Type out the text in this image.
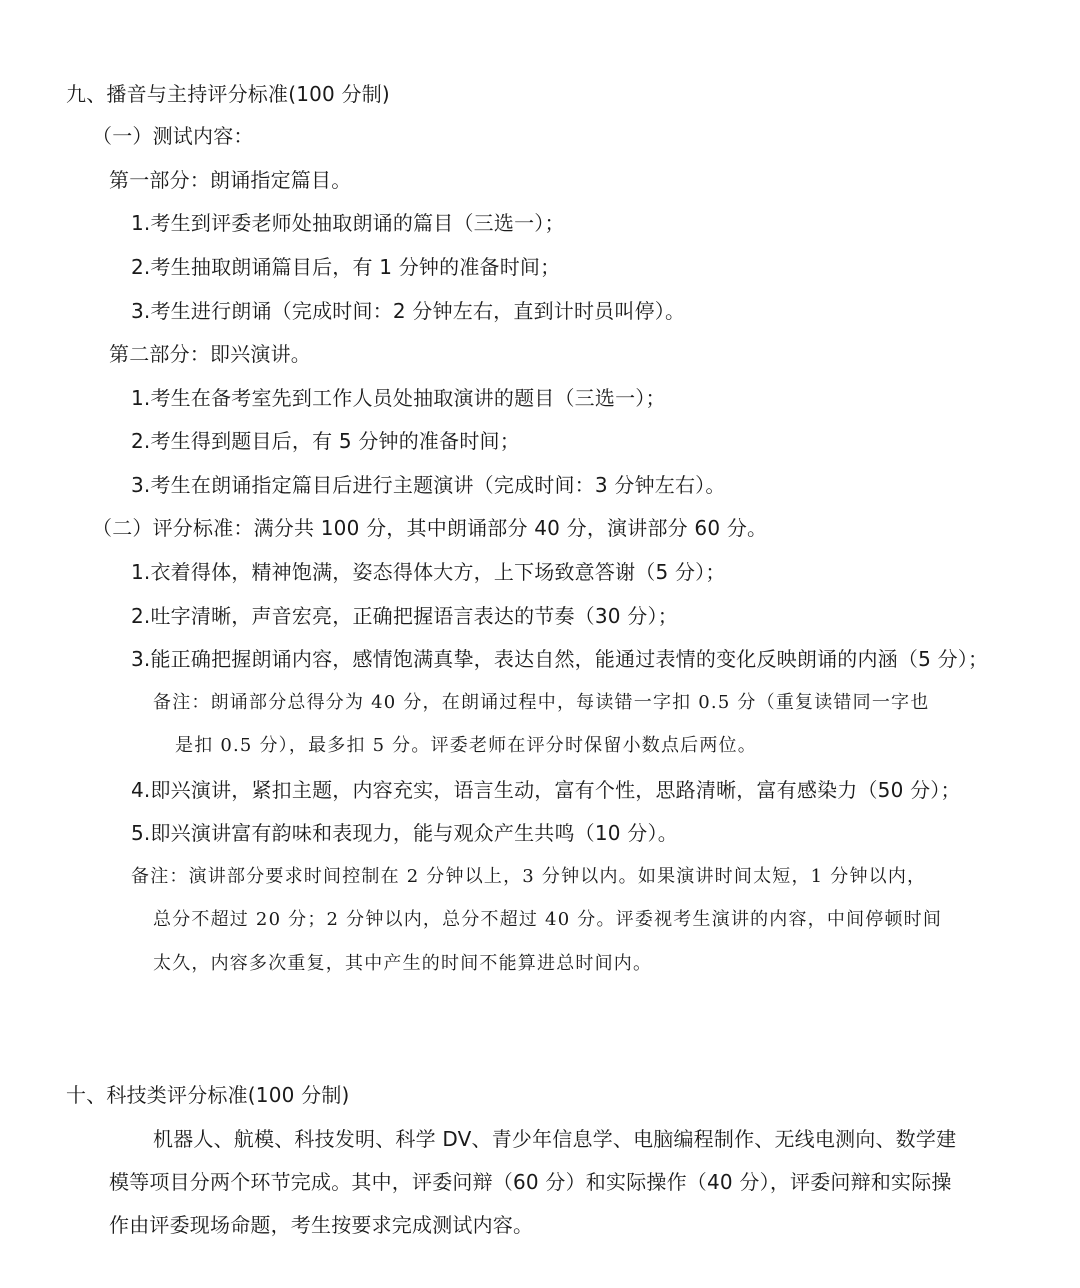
九、播音与主持评分标准(100 分制)
（一）测试内容：
第一部分：朗诵指定篇目。
1.考生到评委老师处抽取朗诵的篇目（三选一）；
2.考生抽取朗诵篇目后，有 1 分钟的准备时间；
3.考生进行朗诵（完成时间：2 分钟左右，直到计时员叫停）。
第二部分：即兴演讲。
1.考生在备考室先到工作人员处抽取演讲的题目（三选一）；
2.考生得到题目后，有 5 分钟的准备时间；
3.考生在朗诵指定篇目后进行主题演讲（完成时间：3 分钟左右）。
（二）评分标准：满分共 100 分，其中朗诵部分 40 分，演讲部分 60 分。
1.衣着得体，精神饱满，姿态得体大方，上下场致意答谢（5 分）；
2.吐字清晰，声音宏亮，正确把握语言表达的节奏（30 分）；
3.能正确把握朗诵内容，感情饱满真挚，表达自然，能通过表情的变化反映朗诵的内涵（5 分）；
备注：朗诵部分总得分为 40 分，在朗诵过程中，每读错一字扣 0.5 分（重复读错同一字也
是扣 0.5 分），最多扣 5 分。评委老师在评分时保留小数点后两位。
4.即兴演讲，紧扣主题，内容充实，语言生动，富有个性，思路清晰，富有感染力（50 分）；
5.即兴演讲富有韵味和表现力，能与观众产生共鸣（10 分）。
备注：演讲部分要求时间控制在 2 分钟以上，3 分钟以内。如果演讲时间太短，1 分钟以内，
总分不超过 20 分；2 分钟以内，总分不超过 40 分。评委视考生演讲的内容，中间停顿时间
太久，内容多次重复，其中产生的时间不能算进总时间内。
十、科技类评分标准(100 分制)
机器人、航模、科技发明、科学 DV、青少年信息学、电脑编程制作、无线电测向、数学建
模等项目分两个环节完成。其中，评委问辩（60 分）和实际操作（40 分），评委问辩和实际操
作由评委现场命题，考生按要求完成测试内容。
